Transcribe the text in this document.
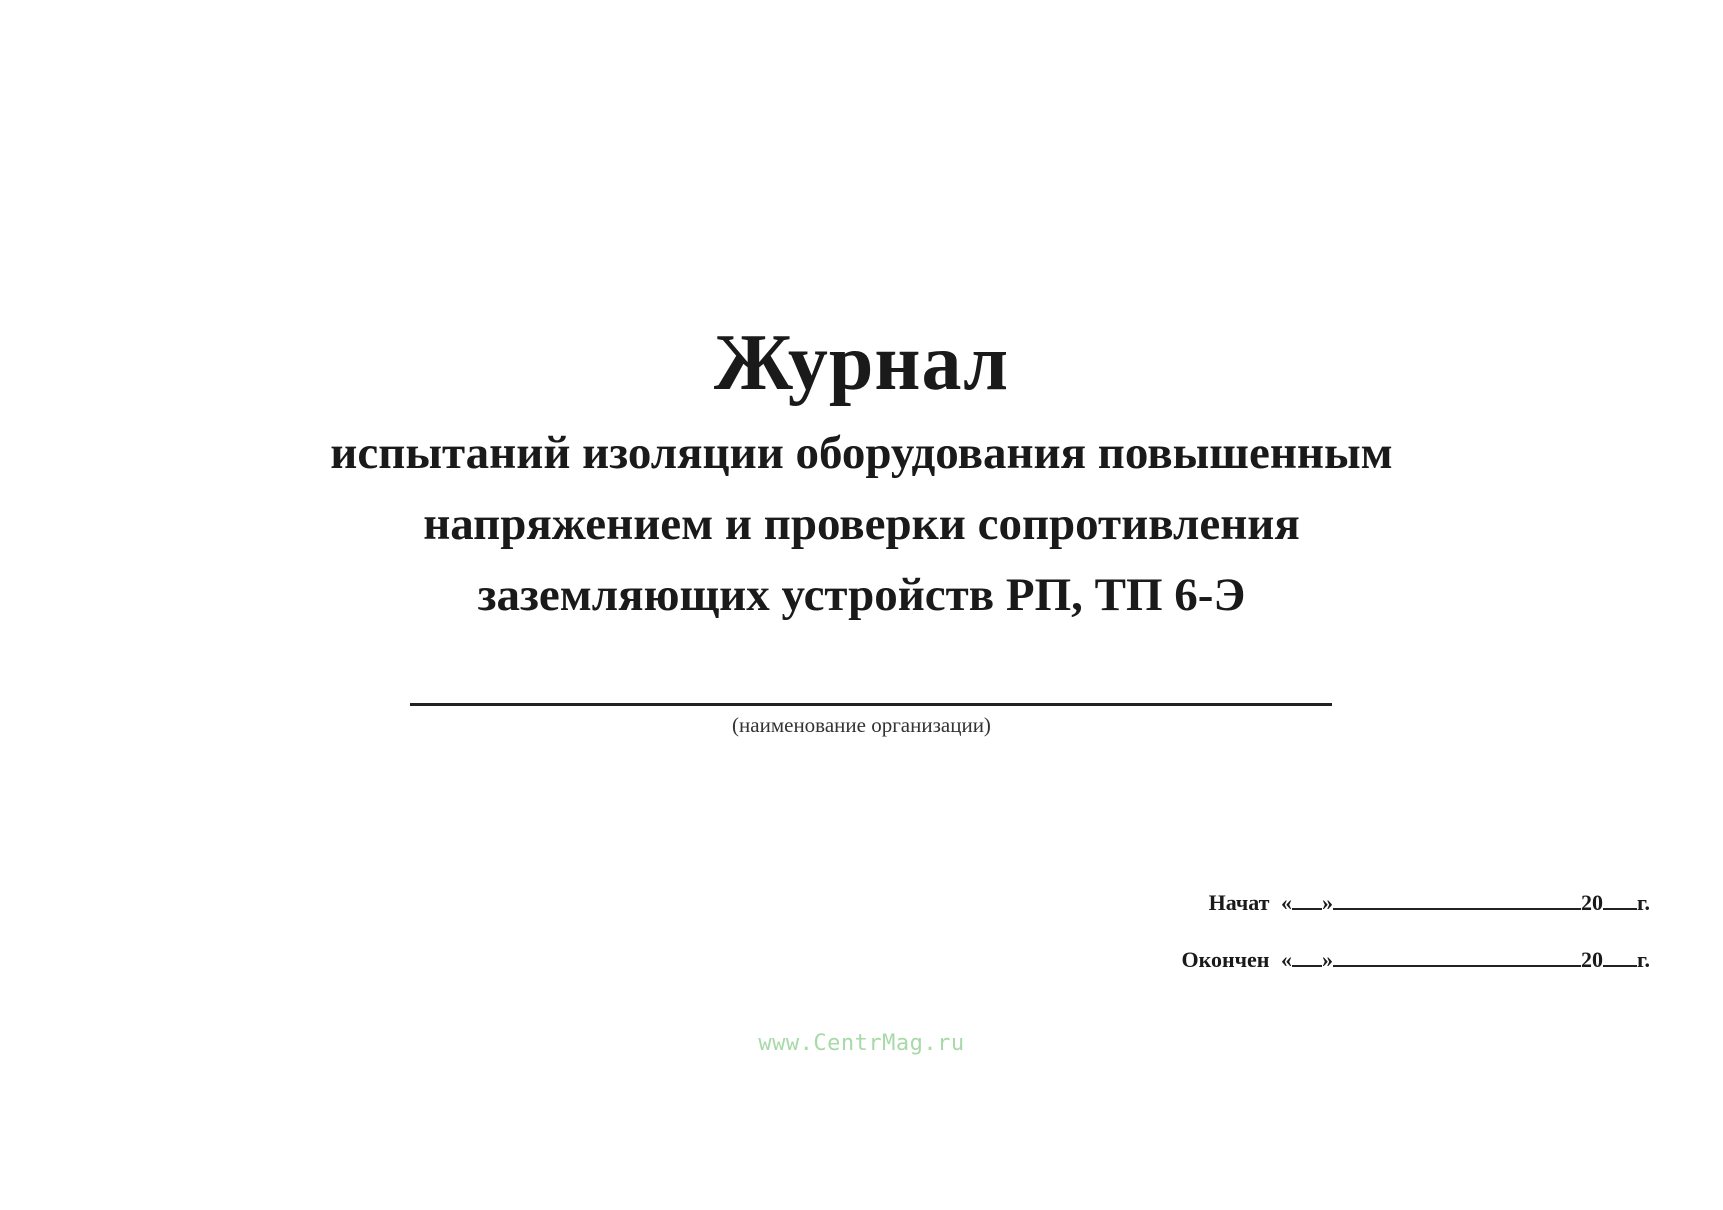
Журнал
испытаний изоляции оборудования повышенным
напряжением и проверки сопротивления
заземляющих устройств РП, ТП 6-Э
(наименование организации)
Начат « »	20 г.
Окончен « »	20 г.
www.CentrMag.ru
